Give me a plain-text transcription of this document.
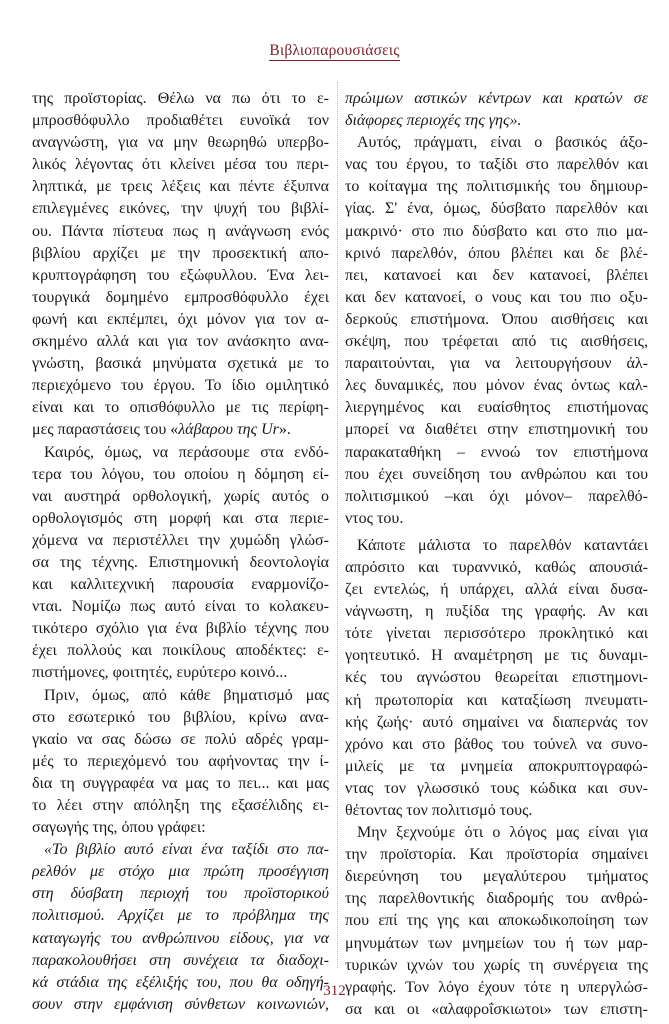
Βιβλιοπαρουσιάσεις
της προϊστορίας. Θέλω να πω ότι το ε-
μπροσθόφυλλο προδιαθέτει ευνοϊκά τον
αναγνώστη, για να μην θεωρηθώ υπερβο-
λικός λέγοντας ότι κλείνει μέσα του περι-
ληπτικά, με τρεις λέξεις και πέντε έξυπνα
επιλεγμένες εικόνες, την ψυχή του βιβλί-
ου. Πάντα πίστευα πως η ανάγνωση ενός
βιβλίου αρχίζει με την προσεκτική απο-
κρυπτογράφηση του εξώφυλλου. Ένα λει-
τουργικά δομημένο εμπροσθόφυλλο έχει
φωνή και εκπέμπει, όχι μόνον για τον α-
σκημένο αλλά και για τον ανάσκητο ανα-
γνώστη, βασικά μηνύματα σχετικά με το
περιεχόμενο του έργου. Το ίδιο ομιλητικό
είναι και το οπισθόφυλλο με τις περίφη-
μες παραστάσεις του «λάβαρου της Ur».
Καιρός, όμως, να περάσουμε στα ενδό-
τερα του λόγου, του οποίου η δόμηση εί-
ναι αυστηρά ορθολογική, χωρίς αυτός ο
ορθολογισμός στη μορφή και στα περιε-
χόμενα να περιστέλλει την χυμώδη γλώσ-
σα της τέχνης. Επιστημονική δεοντολογία
και καλλιτεχνική παρουσία εναρμονίζο-
νται. Νομίζω πως αυτό είναι το κολακευ-
τικότερο σχόλιο για ένα βιβλίο τέχνης που
έχει πολλούς και ποικίλους αποδέκτες: ε-
πιστήμονες, φοιτητές, ευρύτερο κοινό...
Πριν, όμως, από κάθε βηματισμό μας
στο εσωτερικό του βιβλίου, κρίνω ανα-
γκαίο να σας δώσω σε πολύ αδρές γραμ-
μές το περιεχόμενό του αφήνοντας την ί-
δια τη συγγραφέα να μας το πει... και μας
το λέει στην απόληξη της εξασέλιδης ει-
σαγωγής της, όπου γράφει:
«Το βιβλίο αυτό είναι ένα ταξίδι στο πα-
ρελθόν με στόχο μια πρώτη προσέγγιση
στη δύσβατη περιοχή του προϊστορικού
πολιτισμού. Αρχίζει με το πρόβλημα της
καταγωγής του ανθρώπινου είδους, για να
παρακολουθήσει στη συνέχεια τα διαδοχι-
κά στάδια της εξέλιξής του, που θα οδηγή-
σουν στην εμφάνιση σύνθετων κοινωνιών,
πρώιμων αστικών κέντρων και κρατών σε
διάφορες περιοχές της γης».
Αυτός, πράγματι, είναι ο βασικός άξο-
νας του έργου, το ταξίδι στο παρελθόν και
το κοίταγμα της πολιτισμικής του δημιουρ-
γίας. Σ' ένα, όμως, δύσβατο παρελθόν και
μακρινό· στο πιο δύσβατο και στο πιο μα-
κρινό παρελθόν, όπου βλέπει και δε βλέ-
πει, κατανοεί και δεν κατανοεί, βλέπει
και δεν κατανοεί, ο νους και του πιο οξυ-
δερκούς επιστήμονα. Όπου αισθήσεις και
σκέψη, που τρέφεται από τις αισθήσεις,
παραιτούνται, για να λειτουργήσουν άλ-
λες δυναμικές, που μόνον ένας όντως καλ-
λιεργημένος και ευαίσθητος επιστήμονας
μπορεί να διαθέτει στην επιστημονική του
παρακαταθήκη – εννοώ τον επιστήμονα
που έχει συνείδηση του ανθρώπου και του
πολιτισμικού –και όχι μόνον– παρελθό-
ντος του.
Κάποτε μάλιστα το παρελθόν καταντάει
απρόσιτο και τυραννικό, καθώς απουσιά-
ζει εντελώς, ή υπάρχει, αλλά είναι δυσα-
νάγνωστη, η πυξίδα της γραφής. Αν και
τότε γίνεται περισσότερο προκλητικό και
γοητευτικό. Η αναμέτρηση με τις δυναμι-
κές του αγνώστου θεωρείται επιστημονι-
κή πρωτοπορία και καταξίωση πνευματι-
κής ζωής· αυτό σημαίνει να διαπερνάς τον
χρόνο και στο βάθος του τούνελ να συνο-
μιλείς με τα μνημεία αποκρυπτογραφώ-
ντας τον γλωσσικό τους κώδικα και συν-
θέτοντας τον πολιτισμό τους.
Μην ξεχνούμε ότι ο λόγος μας είναι για
την προϊστορία. Και προϊστορία σημαίνει
διερεύνηση του μεγαλύτερου τμήματος
της παρελθοντικής διαδρομής του ανθρώ-
που επί της γης και αποκωδικοποίηση των
μηνυμάτων των μνημείων του ή των μαρ-
τυρικών ιχνών του χωρίς τη συνέργεια της
γραφής. Τον λόγο έχουν τότε η υπεργλώσ-
σα και οι «αλαφροΐσκιωτοι» των επιστη-
312
